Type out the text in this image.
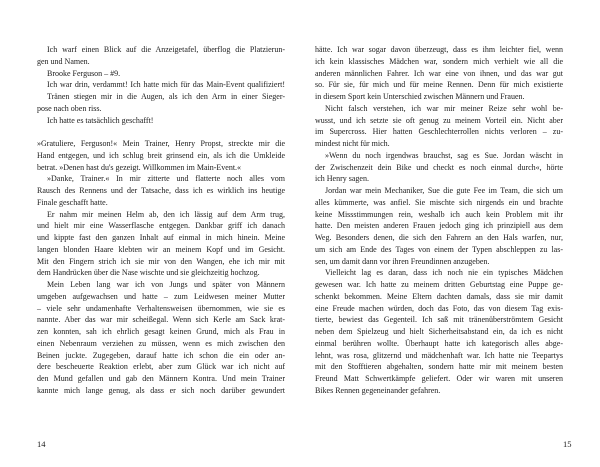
Ich warf einen Blick auf die Anzeigetafel, überflog die Platzierun-
gen und Namen.
Brooke Ferguson – #9.
Ich war drin, verdammt! Ich hatte mich für das Main-Event qualifiziert!
Tränen stiegen mir in die Augen, als ich den Arm in einer Sieger-
pose nach oben riss.
Ich hatte es tatsächlich geschafft!

»Gratuliere, Ferguson!« Mein Trainer, Henry Propst, streckte mir die
Hand entgegen, und ich schlug breit grinsend ein, als ich die Umkleide
betrat. »Denen hast du's gezeigt. Willkommen im Main-Event.«
»Danke, Trainer.« In mir zitterte und flatterte noch alles vom
Rausch des Rennens und der Tatsache, dass ich es wirklich ins heutige
Finale geschafft hatte.
Er nahm mir meinen Helm ab, den ich lässig auf dem Arm trug,
und hielt mir eine Wasserflasche entgegen. Dankbar griff ich danach
und kippte fast den ganzen Inhalt auf einmal in mich hinein. Meine
langen blonden Haare klebten wir an meinem Kopf und im Gesicht.
Mit den Fingern strich ich sie mir von den Wangen, ehe ich mir mit
dem Handrücken über die Nase wischte und sie gleichzeitig hochzog.
Mein Leben lang war ich von Jungs und später von Männern
umgeben aufgewachsen und hatte – zum Leidwesen meiner Mutter
– viele sehr undamenhafte Verhaltensweisen übernommen, wie sie es
nannte. Aber das war mir scheißegal. Wenn sich Kerle am Sack krat-
zen konnten, sah ich ehrlich gesagt keinen Grund, mich als Frau in
einen Nebenraum verziehen zu müssen, wenn es mich zwischen den
Beinen juckte. Zugegeben, darauf hatte ich schon die ein oder an-
dere bescheuerte Reaktion erlebt, aber zum Glück war ich nicht auf
den Mund gefallen und gab den Männern Kontra. Und mein Trainer
kannte mich lange genug, als dass er sich noch darüber gewundert
hätte. Ich war sogar davon überzeugt, dass es ihm leichter fiel, wenn
ich kein klassisches Mädchen war, sondern mich verhielt wie all die
anderen männlichen Fahrer. Ich war eine von ihnen, und das war gut
so. Für sie, für mich und für meine Rennen. Denn für mich existierte
in diesem Sport kein Unterschied zwischen Männern und Frauen.
Nicht falsch verstehen, ich war mir meiner Reize sehr wohl be-
wusst, und ich setzte sie oft genug zu meinem Vorteil ein. Nicht aber
im Supercross. Hier hatten Geschlechterrollen nichts verloren – zu-
mindest nicht für mich.
»Wenn du noch irgendwas brauchst, sag es Sue. Jordan wäscht in
der Zwischenzeit dein Bike und checkt es noch einmal durch«, hörte
ich Henry sagen.
Jordan war mein Mechaniker, Sue die gute Fee im Team, die sich um
alles kümmerte, was anfiel. Sie mischte sich nirgends ein und brachte
keine Missstimmungen rein, weshalb ich auch kein Problem mit ihr
hatte. Den meisten anderen Frauen jedoch ging ich prinzipiell aus dem
Weg. Besonders denen, die sich den Fahrern an den Hals warfen, nur,
um sich am Ende des Tages von einem der Typen abschleppen zu las-
sen, um damit dann vor ihren Freundinnen anzugeben.
Vielleicht lag es daran, dass ich noch nie ein typisches Mädchen
gewesen war. Ich hatte zu meinem dritten Geburtstag eine Puppe ge-
schenkt bekommen. Meine Eltern dachten damals, dass sie mir damit
eine Freude machen würden, doch das Foto, das von diesem Tag exis-
tierte, bewiest das Gegenteil. Ich saß mit tränenüberströmtem Gesicht
neben dem Spielzeug und hielt Sicherheitsabstand ein, da ich es nicht
einmal berühren wollte. Überhaupt hatte ich kategorisch alles abge-
lehnt, was rosa, glitzernd und mädchenhaft war. Ich hatte nie Teepartys
mit den Stofftieren abgehalten, sondern hatte mir mit meinem besten
Freund Matt Schwertkämpfe geliefert. Oder wir waren mit unseren
Bikes Rennen gegeneinander gefahren.
14	15
